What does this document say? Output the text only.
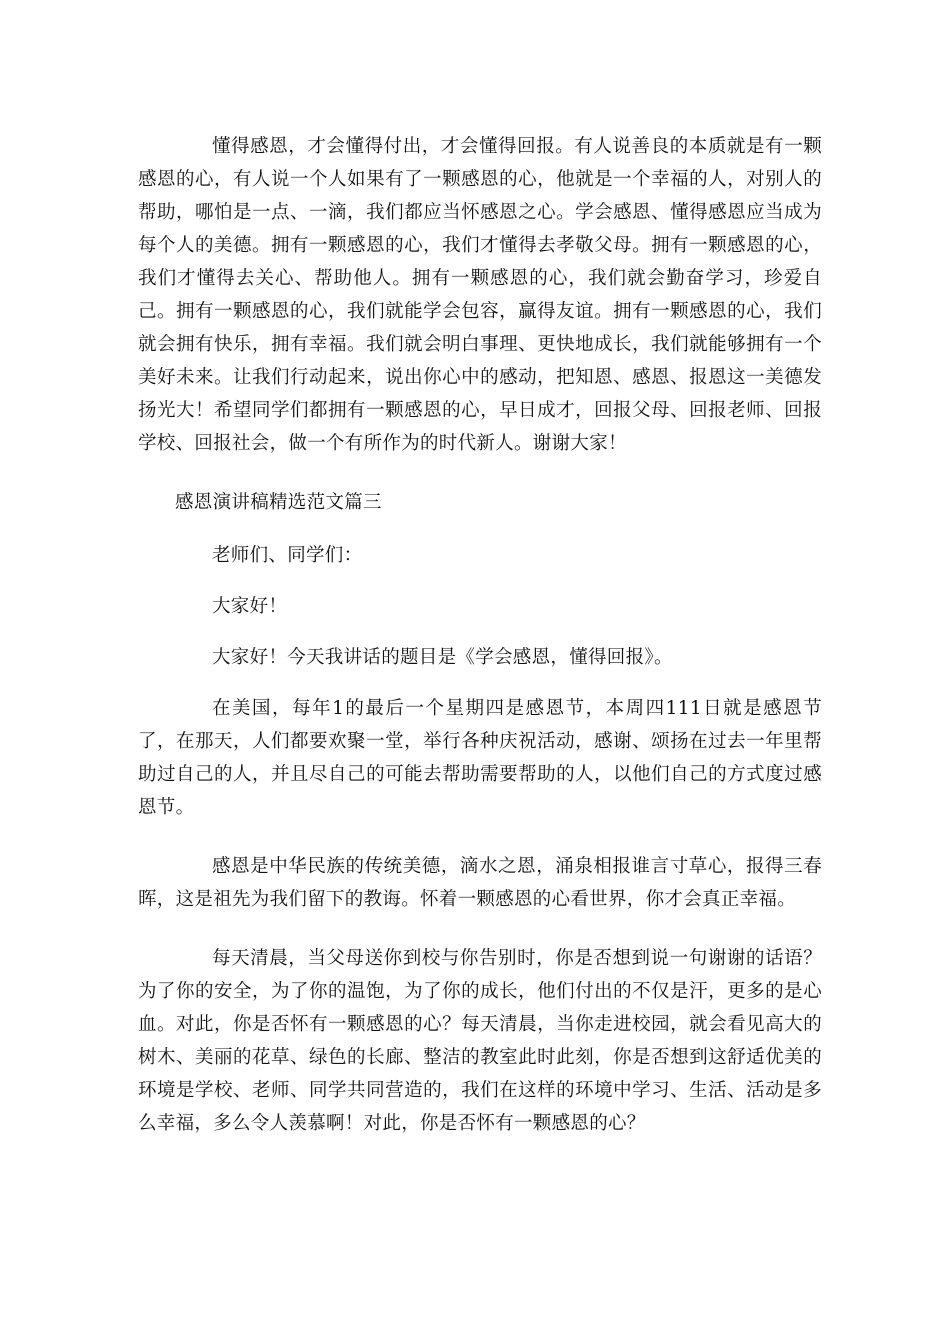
懂得感恩，才会懂得付出，才会懂得回报。有人说善良的本质就是有一颗感恩的心，有人说一个人如果有了一颗感恩的心，他就是一个幸福的人，对别人的帮助，哪怕是一点、一滴，我们都应当怀感恩之心。学会感恩、懂得感恩应当成为每个人的美德。拥有一颗感恩的心，我们才懂得去孝敬父母。拥有一颗感恩的心，我们才懂得去关心、帮助他人。拥有一颗感恩的心，我们就会勤奋学习，珍爱自己。拥有一颗感恩的心，我们就能学会包容，赢得友谊。拥有一颗感恩的心，我们就会拥有快乐，拥有幸福。我们就会明白事理、更快地成长，我们就能够拥有一个美好未来。让我们行动起来，说出你心中的感动，把知恩、感恩、报恩这一美德发扬光大！希望同学们都拥有一颗感恩的心，早日成才，回报父母、回报老师、回报学校、回报社会，做一个有所作为的时代新人。谢谢大家！

感恩演讲稿精选范文篇三

老师们、同学们：

大家好！

大家好！今天我讲话的题目是《学会感恩，懂得回报》。

在美国，每年1的最后一个星期四是感恩节，本周四111日就是感恩节了，在那天，人们都要欢聚一堂，举行各种庆祝活动，感谢、颂扬在过去一年里帮助过自己的人，并且尽自己的可能去帮助需要帮助的人，以他们自己的方式度过感恩节。

感恩是中华民族的传统美德，滴水之恩，涌泉相报谁言寸草心，报得三春晖，这是祖先为我们留下的教诲。怀着一颗感恩的心看世界，你才会真正幸福。

每天清晨，当父母送你到校与你告别时，你是否想到说一句谢谢的话语？为了你的安全，为了你的温饱，为了你的成长，他们付出的不仅是汗，更多的是心血。对此，你是否怀有一颗感恩的心？每天清晨，当你走进校园，就会看见高大的树木、美丽的花草、绿色的长廊、整洁的教室此时此刻，你是否想到这舒适优美的环境是学校、老师、同学共同营造的，我们在这样的环境中学习、生活、活动是多么幸福，多么令人羡慕啊！对此，你是否怀有一颗感恩的心？
